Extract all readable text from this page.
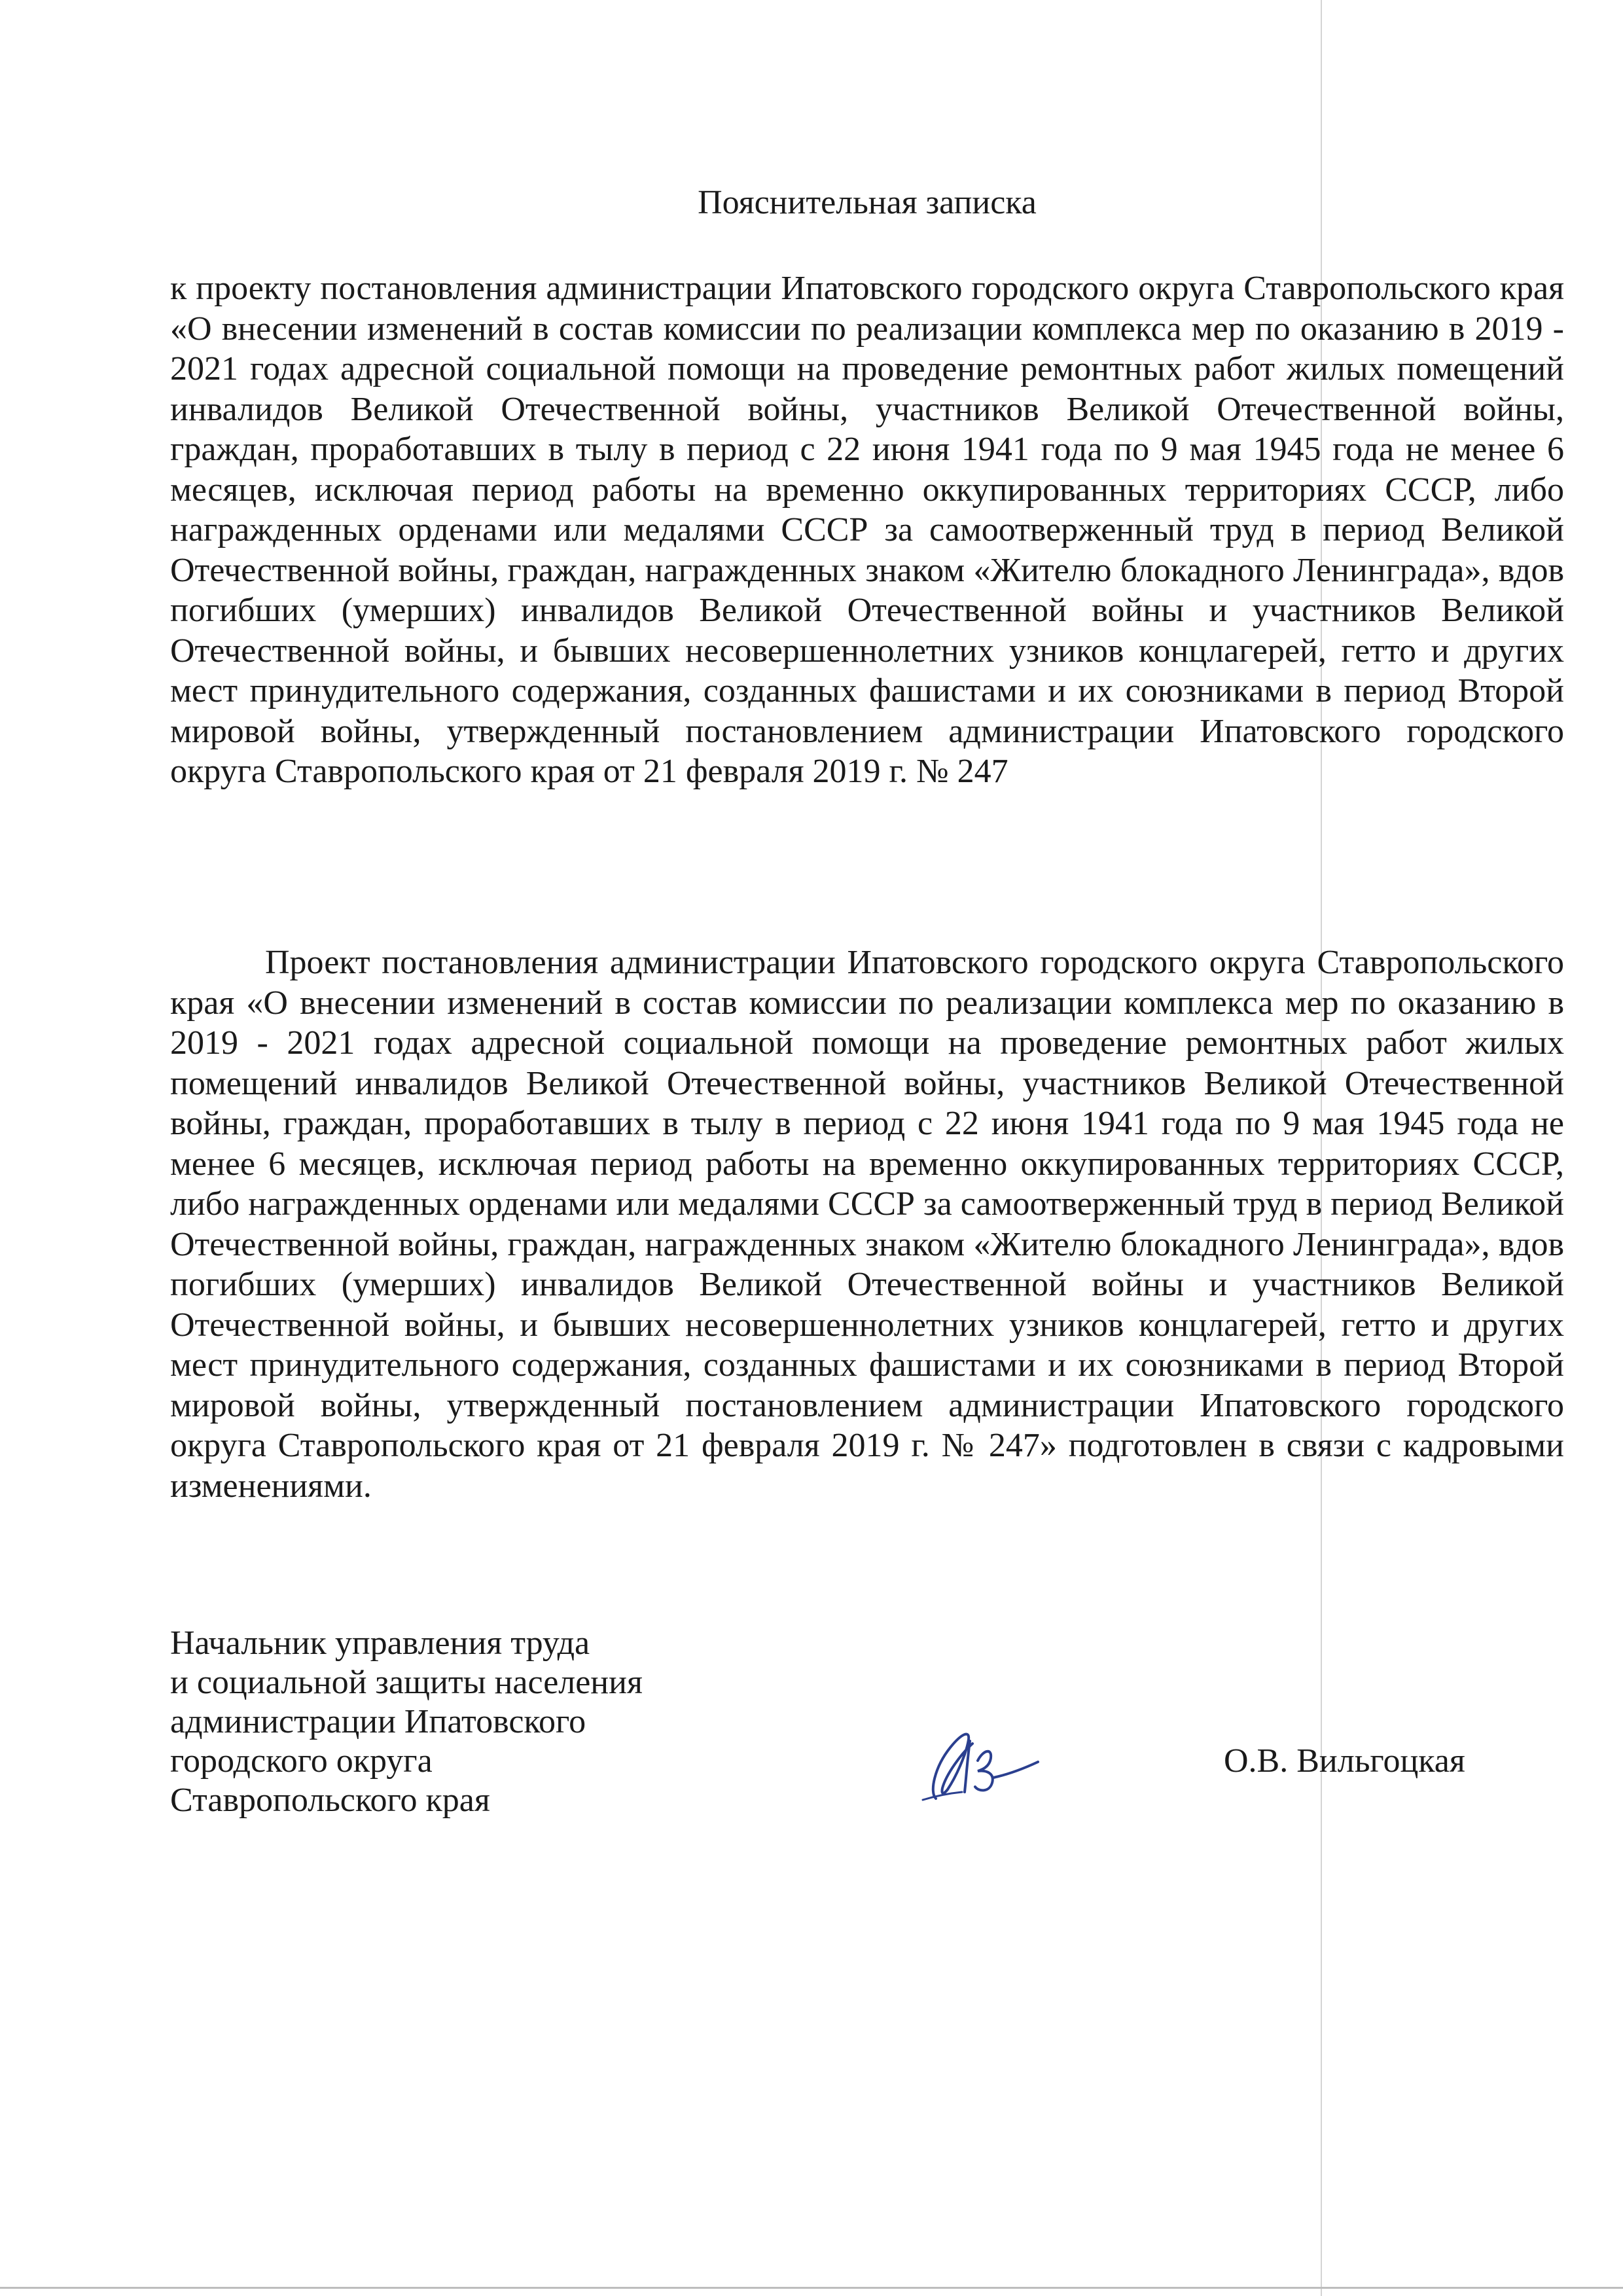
Пояснительная записка

к проекту постановления администрации Ипатовского городского округа Ставропольского края «О внесении изменений в состав комиссии по реализации комплекса мер по оказанию в 2019 - 2021 годах адресной социальной помощи на проведение ремонтных работ жилых помещений инвалидов Великой Отечественной войны, участников Великой Отечественной войны, граждан, проработавших в тылу в период с 22 июня 1941 года по 9 мая 1945 года не менее 6 месяцев, исключая период работы на временно оккупированных территориях СССР, либо награжденных орденами или медалями СССР за самоотверженный труд в период Великой Отечественной войны, граждан, награжденных знаком «Жителю блокадного Ленинграда», вдов погибших (умерших) инвалидов Великой Отечественной войны и участников Великой Отечественной войны, и бывших несовершеннолетних узников концлагерей, гетто и других мест принудительного содержания, созданных фашистами и их союзниками в период Второй мировой войны, утвержденный постановлением администрации Ипатовского городского округа Ставропольского края от 21 февраля 2019 г. № 247

Проект постановления администрации Ипатовского городского округа Ставропольского края «О внесении изменений в состав комиссии по реализации комплекса мер по оказанию в 2019 - 2021 годах адресной социальной помощи на проведение ремонтных работ жилых помещений инвалидов Великой Отечественной войны, участников Великой Отечественной войны, граждан, проработавших в тылу в период с 22 июня 1941 года по 9 мая 1945 года не менее 6 месяцев, исключая период работы на временно оккупированных территориях СССР, либо награжденных орденами или медалями СССР за самоотверженный труд в период Великой Отечественной войны, граждан, награжденных знаком «Жителю блокадного Ленинграда», вдов погибших (умерших) инвалидов Великой Отечественной войны и участников Великой Отечественной войны, и бывших несовершеннолетних узников концлагерей, гетто и других мест принудительного содержания, созданных фашистами и их союзниками в период Второй мировой войны, утвержденный постановлением администрации Ипатовского городского округа Ставропольского края от 21 февраля 2019 г. № 247» подготовлен в связи с кадровыми изменениями.

Начальник управления труда
и социальной защиты населения
администрации Ипатовского
городского округа
Ставропольского края
О.В. Вильгоцкая
